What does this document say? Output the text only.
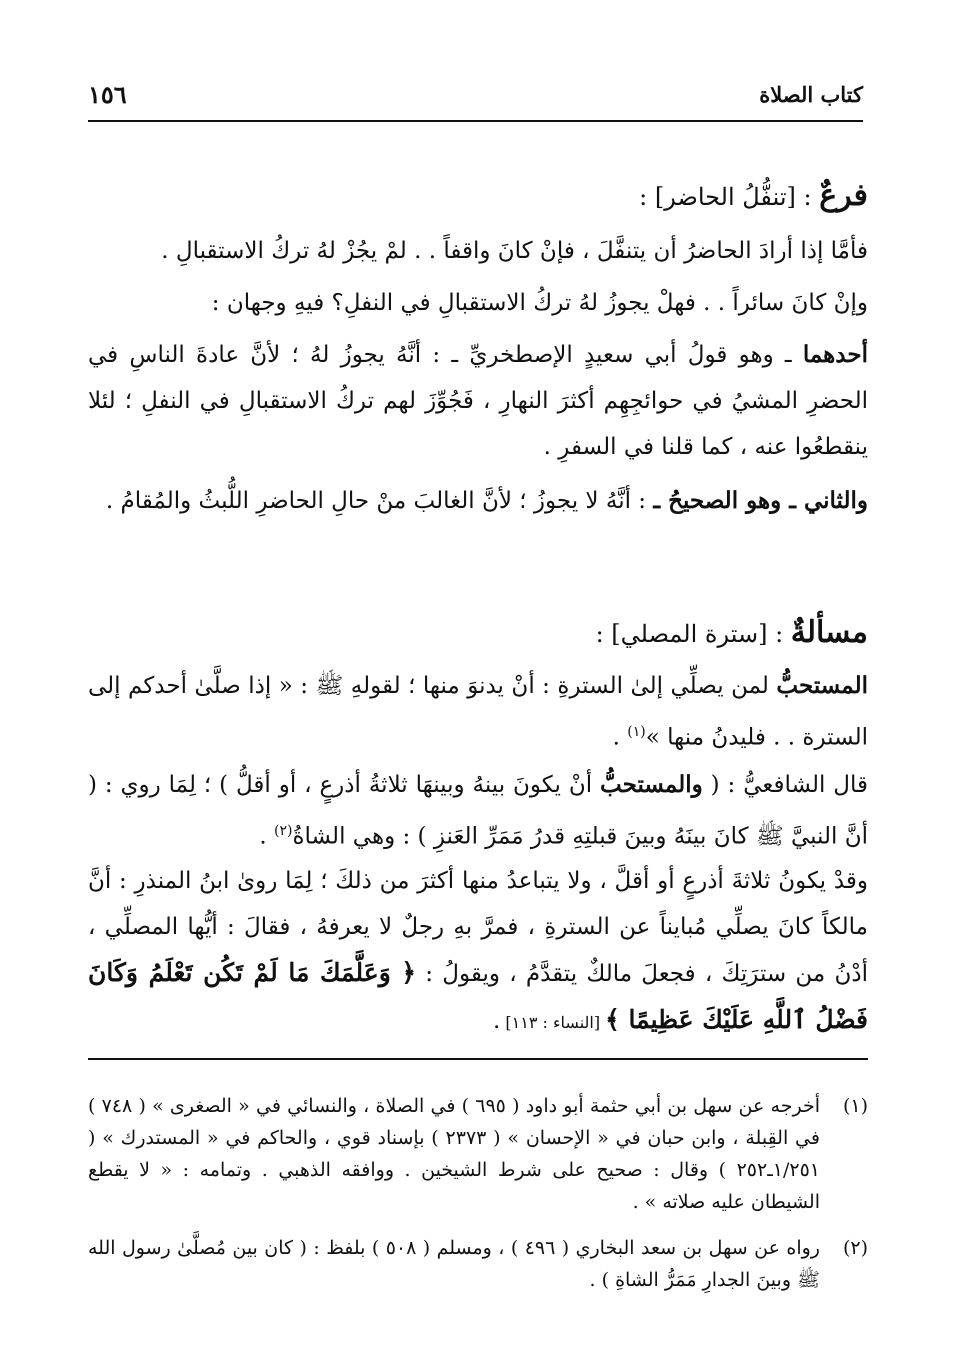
كتاب الصلاة
١٥٦
فرعٌ : [تنفُّلُ الحاضر] :
فأمَّا إذا أرادَ الحاضرُ أن يتنفَّلَ ، فإنْ كانَ واقفاً . . لمْ يجُزْ لهُ تركُ الاستقبالِ .
وإنْ كانَ سائراً . . فهلْ يجوزُ لهُ تركُ الاستقبالِ في النفلِ؟ فيهِ وجهان :
أحدهما ـ وهو قولُ أبي سعيدٍ الإصطخريِّ ـ : أنَّهُ يجوزُ لهُ ؛ لأنَّ عادةَ الناسِ في الحضرِ المشيُ في حوائجِهِم أكثرَ النهارِ ، فَجُوِّزَ لهم تركُ الاستقبالِ في النفلِ ؛ لئلا ينقطعُوا عنه ، كما قلنا في السفرِ .
والثاني ـ وهو الصحيحُ ـ : أنَّهُ لا يجوزُ ؛ لأنَّ الغالبَ منْ حالِ الحاضرِ اللُّبثُ والمُقامُ .
مسألةٌ : [سترة المصلي] :
المستحبُّ لمن يصلِّي إلىٰ السترةِ : أنْ يدنوَ منها ؛ لقولهِ ﷺ : « إذا صلَّىٰ أحدكم إلى السترة . . فليدنُ منها »$^{(١)}$ .
قال الشافعيُّ : ( والمستحبُّ أنْ يكونَ بينهُ وبينهَا ثلاثةُ أذرعٍ ، أو أقلُّ ) ؛ لِمَا روي : ( أنَّ النبيَّ ﷺ كانَ بينَهُ وبينَ قبلتِهِ قدرُ مَمَرِّ العَنزِ ) : وهي الشاةُ$^{(٢)}$ .
وقدْ يكونُ ثلاثةَ أذرعٍ أو أقلَّ ، ولا يتباعدُ منها أكثرَ من ذلكَ ؛ لِمَا روىٰ ابنُ المنذرِ : أنَّ مالكاً كانَ يصلِّي مُبايناً عن السترةِ ، فمرَّ بهِ رجلٌ لا يعرفهُ ، فقالَ : أيُّها المصلِّي ، أدْنُ من سترَتِكَ ، فجعلَ مالكٌ يتقدَّمُ ، ويقولُ : ﴿ وَعَلَّمَكَ مَا لَمْ تَكُن تَعْلَمُ وَكَانَ فَضْلُ ٱللَّهِ عَلَيْكَ عَظِيمًا ﴾ [النساء : ١١٣] .
(١)
أخرجه عن سهل بن أبي حثمة أبو داود ( ٦٩٥ ) في الصلاة ، والنسائي في « الصغرى » ( ٧٤٨ ) في القِبلة ، وابن حبان في « الإحسان » ( ٢٣٧٣ ) بإسناد قوي ، والحاكم في « المستدرك » ( ١/٢٥١ـ٢٥٢ ) وقال : صحيح على شرط الشيخين . ووافقه الذهبي . وتمامه : « لا يقطع الشيطان عليه صلاته » .
(٢)
رواه عن سهل بن سعد البخاري ( ٤٩٦ ) ، ومسلم ( ٥٠٨ ) بلفظ : ( كان بين مُصلَّىٰ رسول الله ﷺ وبينَ الجدارِ مَمَرُّ الشاةِ ) .
